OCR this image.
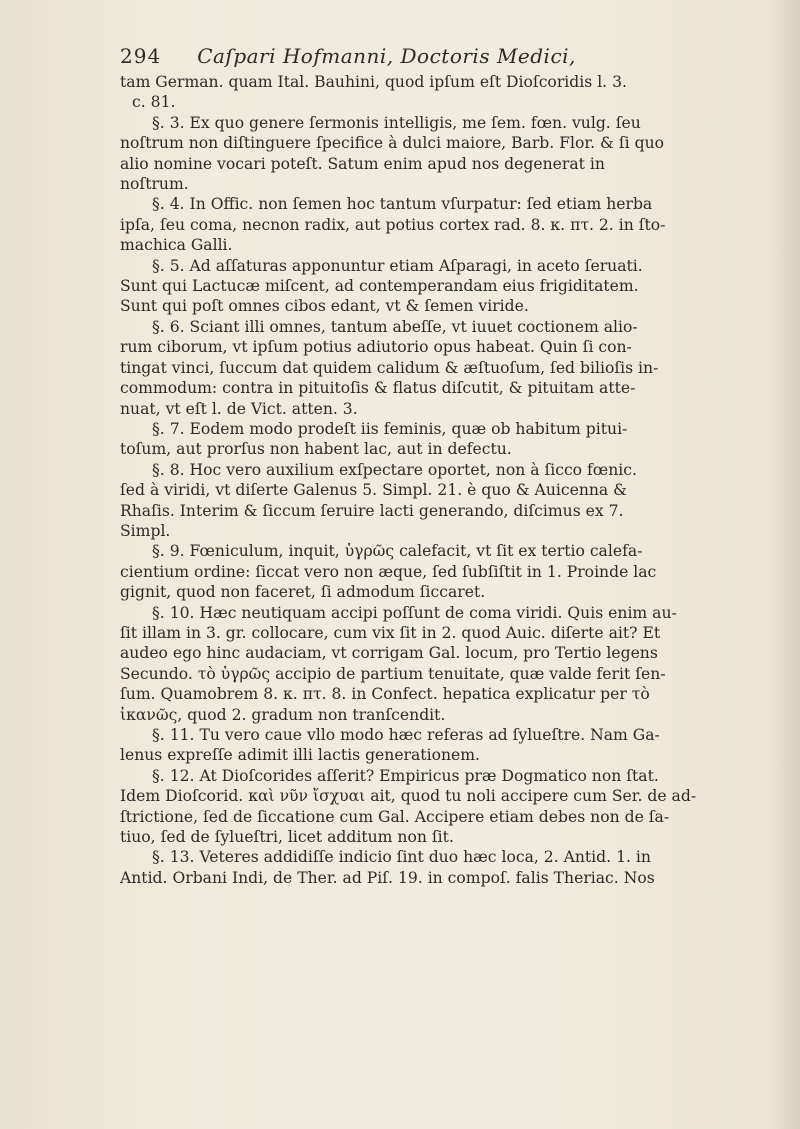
294 Caſpari Hofmanni, Doctoris Medici,
tam German. quam Ital. Bauhini, quod ipſum eſt Dioſcoridis l. 3.
c. 81.
§. 3. Ex quo genere ſermonis intelligis, me ſem. fœn. vulg. ſeu
noſtrum non diſtinguere ſpecifice à dulci maiore, Barb. Flor. & ſi quo
alio nomine vocari poteſt. Satum enim apud nos degenerat in
noſtrum.
§. 4. In Offic. non ſemen hoc tantum vſurpatur: ſed etiam herba
ipſa, ſeu coma, necnon radix, aut potius cortex rad. 8. κ. πτ. 2. in ſto-
machica Galli.
§. 5. Ad aſſaturas apponuntur etiam Aſparagi, in aceto ſeruati.
Sunt qui Lactucæ miſcent, ad contemperandam eius frigiditatem.
Sunt qui poſt omnes cibos edant, vt & ſemen viride.
§. 6. Sciant illi omnes, tantum abeſſe, vt iuuet coctionem alio-
rum ciborum, vt ipſum potius adiutorio opus habeat. Quin ſi con-
tingat vinci, ſuccum dat quidem calidum & æſtuoſum, ſed bilioſis in-
commodum: contra in pituitoſis & flatus diſcutit, & pituitam atte-
nuat, vt eſt l. de Vict. atten. 3.
§. 7. Eodem modo prodeſt iis feminis, quæ ob habitum pitui-
toſum, aut prorſus non habent lac, aut in defectu.
§. 8. Hoc vero auxilium exſpectare oportet, non à ſicco fœnic.
ſed à viridi, vt diſerte Galenus 5. Simpl. 21. è quo & Auicenna &
Rhaſis. Interim & ſiccum ſeruire lacti generando, diſcimus ex 7.
Simpl.
§. 9. Fœniculum, inquit, ὑγρῶς calefacit, vt ſit ex tertio calefa-
cientium ordine: ſiccat vero non æque, ſed ſubſiſtit in 1. Proinde lac
gignit, quod non faceret, ſi admodum ſiccaret.
§. 10. Hæc neutiquam accipi poſſunt de coma viridi. Quis enim au-
ſit illam in 3. gr. collocare, cum vix ſit in 2. quod Auic. diſerte ait? Et
audeo ego hinc audaciam, vt corrigam Gal. locum, pro Tertio legens
Secundo. τὸ ὑγρῶς accipio de partium tenuitate, quæ valde ferit ſen-
ſum. Quamobrem 8. κ. πτ. 8. in Confect. hepatica explicatur per τὸ
ἰκανῶς, quod 2. gradum non tranſcendit.
§. 11. Tu vero caue vllo modo hæc referas ad ſylueſtre. Nam Ga-
lenus expreſſe adimit illi lactis generationem.
§. 12. At Dioſcorides aſſerit? Empiricus præ Dogmatico non ſtat.
Idem Dioſcorid. καὶ νῦν ἴσχυαι ait, quod tu noli accipere cum Ser. de ad-
ſtrictione, ſed de ſiccatione cum Gal. Accipere etiam debes non de ſa-
tiuo, ſed de ſylueſtri, licet additum non ſit.
§. 13. Veteres addidiſſe indicio ſint duo hæc loca, 2. Antid. 1. in
Antid. Orbani Indi, de Ther. ad Piſ. 19. in compoſ. falis Theriac. Nos
